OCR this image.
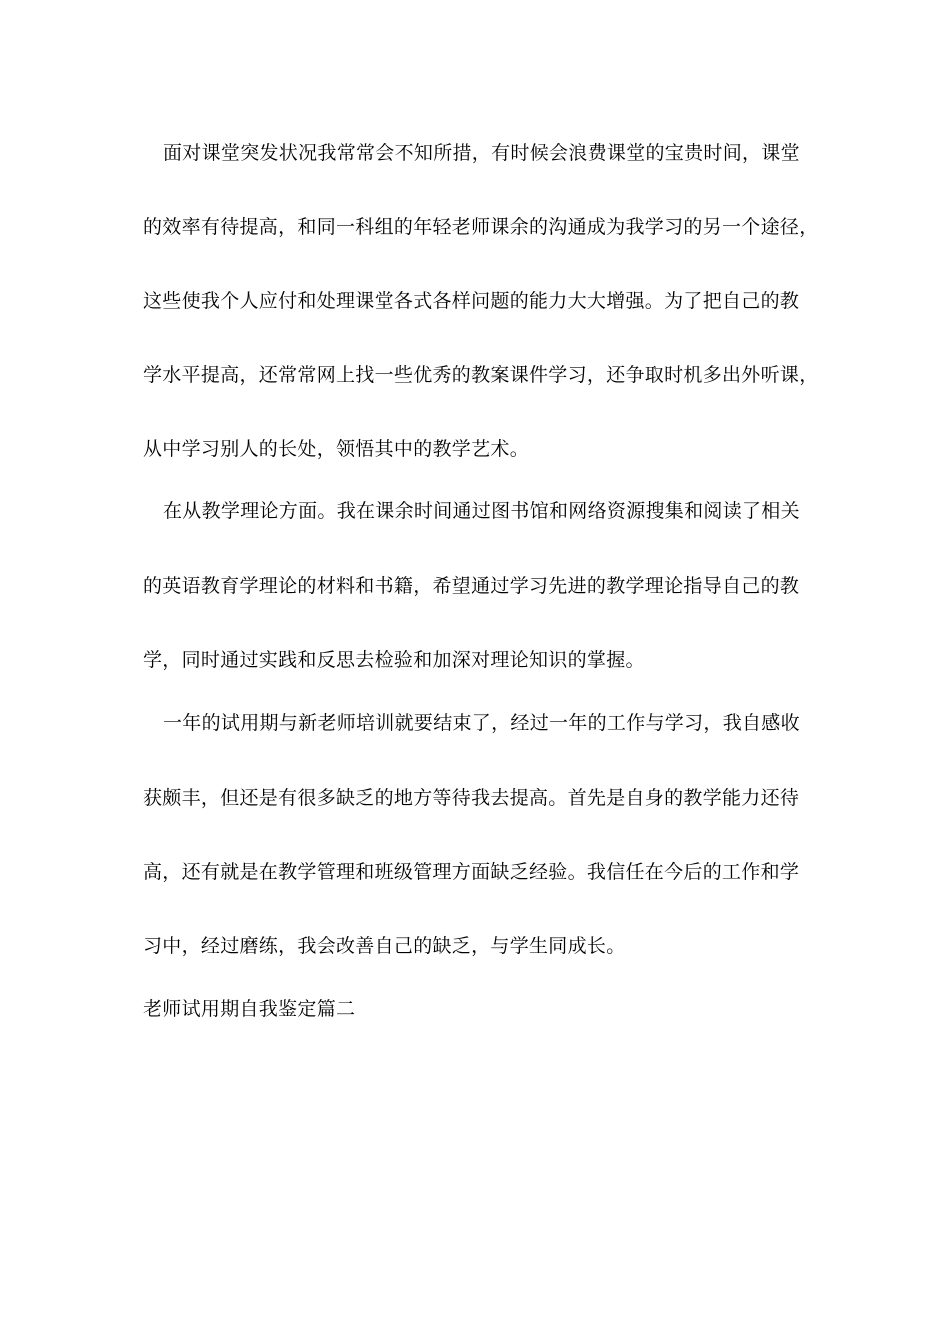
面对课堂突发状况我常常会不知所措，有时候会浪费课堂的宝贵时间，课堂
的效率有待提高，和同一科组的年轻老师课余的沟通成为我学习的另一个途径，
这些使我个人应付和处理课堂各式各样问题的能力大大增强。为了把自己的教
学水平提高，还常常网上找一些优秀的教案课件学习，还争取时机多出外听课，
从中学习别人的长处，领悟其中的教学艺术。
在从教学理论方面。我在课余时间通过图书馆和网络资源搜集和阅读了相关
的英语教育学理论的材料和书籍，希望通过学习先进的教学理论指导自己的教
学，同时通过实践和反思去检验和加深对理论知识的掌握。
一年的试用期与新老师培训就要结束了，经过一年的工作与学习，我自感收
获颇丰，但还是有很多缺乏的地方等待我去提高。首先是自身的教学能力还待
高，还有就是在教学管理和班级管理方面缺乏经验。我信任在今后的工作和学
习中，经过磨练，我会改善自己的缺乏，与学生同成长。
老师试用期自我鉴定篇二
